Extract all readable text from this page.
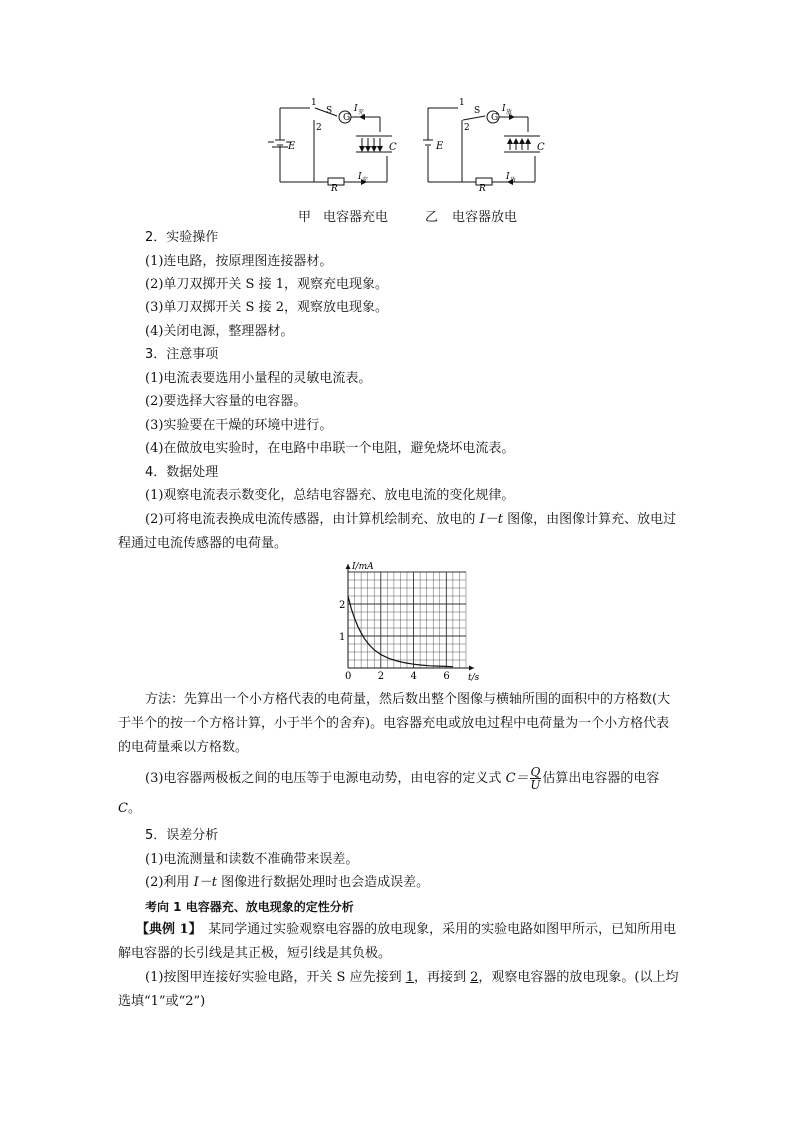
G
1
2
S I 充
I 充
E	C
R
G
1
2
S I 放
I 放
E	C
R
甲 电容器充电	乙 电容器放电
2．实验操作
(1)连电路，按原理图连接器材。
(2)单刀双掷开关 S 接 1，观察充电现象。
(3)单刀双掷开关 S 接 2，观察放电现象。
(4)关闭电源，整理器材。
3．注意事项
(1)电流表要选用小量程的灵敏电流表。
(2)要选择大容量的电容器。
(3)实验要在干燥的环境中进行。
(4)在做放电实验时，在电路中串联一个电阻，避免烧坏电流表。
4．数据处理
(1)观察电流表示数变化，总结电容器充、放电电流的变化规律。
(2)可将电流表换成电流传感器，由计算机绘制充、放电的 I－t 图像，由图像计算充、放电过程通过电流传感器的电荷量。
0	2	4	6
1
2
I/mA
t/s
方法：先算出一个小方格代表的电荷量，然后数出整个图像与横轴所围的面积中的方格数(大于半个的按一个方格计算，小于半个的舍弃)。电容器充电或放电过程中电荷量为一个小方格代表的电荷量乘以方格数。
(3)电容器两极板之间的电压等于电源电动势，由电容的定义式 $C= \frac{Q}{U}$ 估算出电容器的电容 C。
5．误差分析
(1)电流测量和读数不准确带来误差。
(2)利用 I－t 图像进行数据处理时也会造成误差。
考向 1 电容器充、放电现象的定性分析
【典例 1】　某同学通过实验观察电容器的放电现象，采用的实验电路如图甲所示，已知所用电解电容器的长引线是其正极，短引线是其负极。
(1)按图甲连接好实验电路，开关 S 应先接到 1，再接到 2，观察电容器的放电现象。(以上均选填“1”或“2”)
